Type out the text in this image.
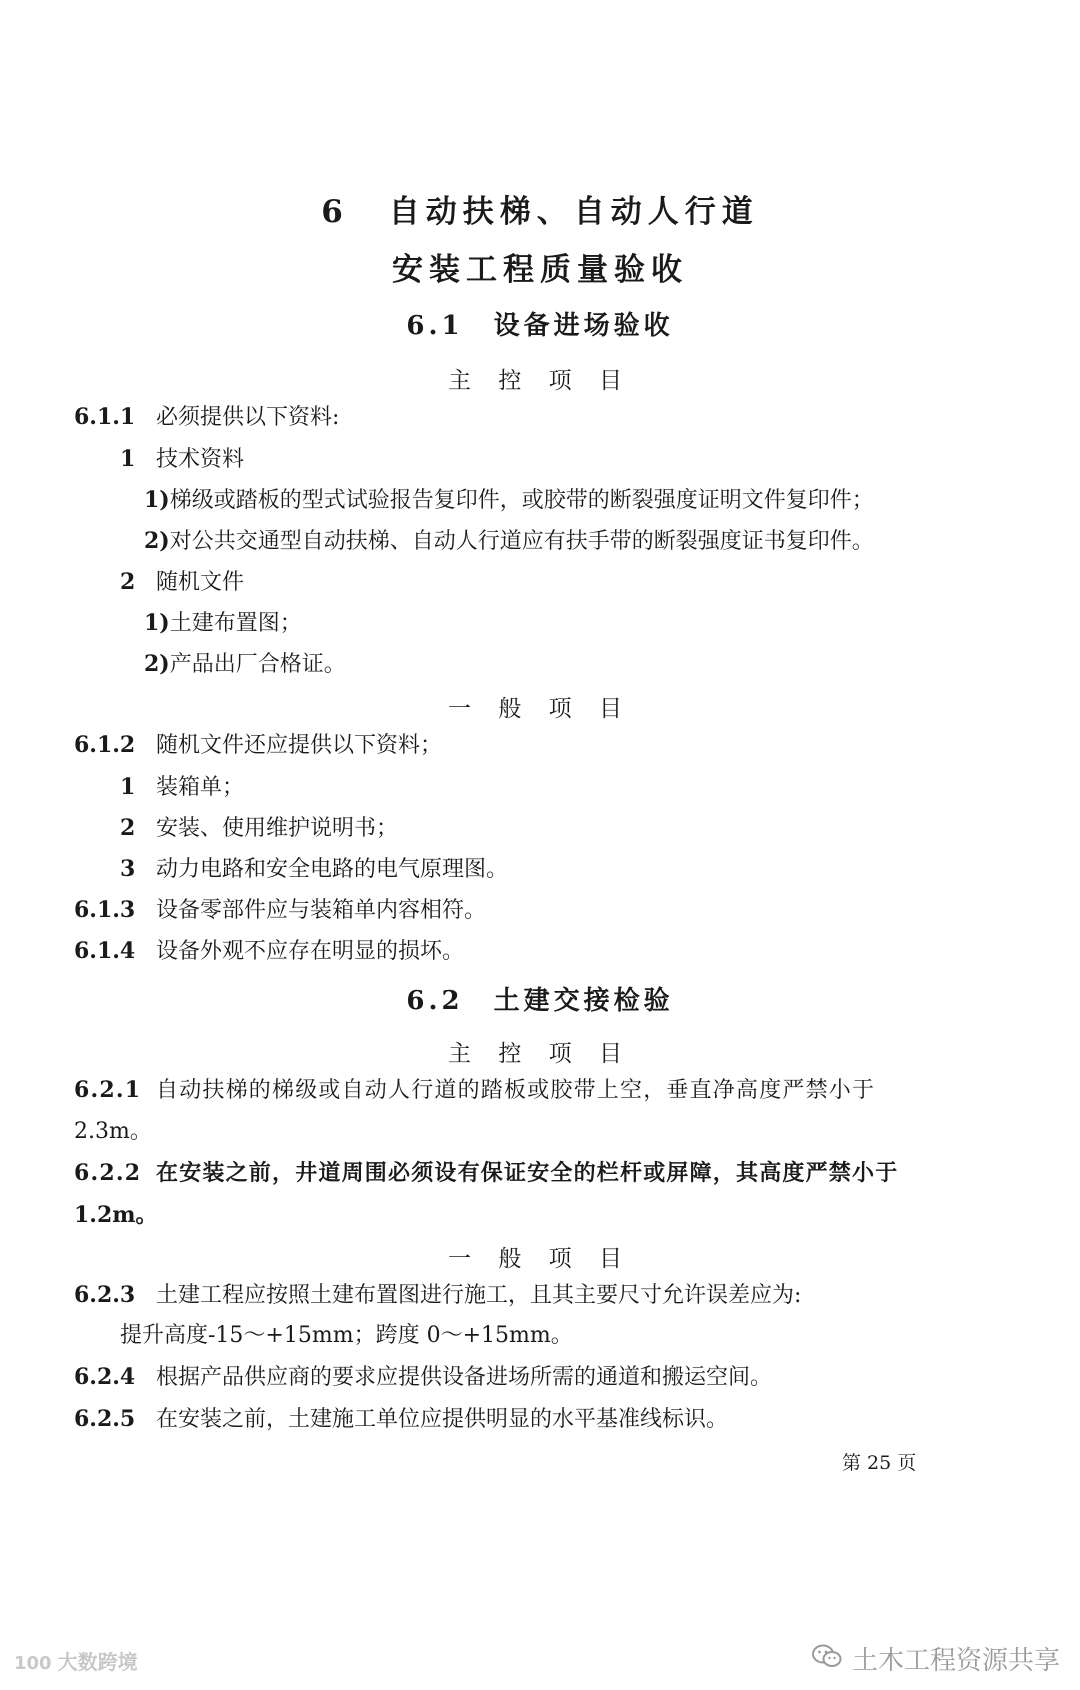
6 自动扶梯、自动人行道
安装工程质量验收
6.1 设备进场验收
主 控 项 目
6.1.1 必须提供以下资料:
1 技术资料
1)梯级或踏板的型式试验报告复印件，或胶带的断裂强度证明文件复印件；
2)对公共交通型自动扶梯、自动人行道应有扶手带的断裂强度证书复印件。
2 随机文件
1)土建布置图；
2)产品出厂合格证。
一 般 项 目
6.1.2 随机文件还应提供以下资料；
1 装箱单；
2 安装、使用维护说明书；
3 动力电路和安全电路的电气原理图。
6.1.3 设备零部件应与装箱单内容相符。
6.1.4 设备外观不应存在明显的损坏。
6.2 土建交接检验
主 控 项 目
6.2.1 自动扶梯的梯级或自动人行道的踏板或胶带上空，垂直净高度严禁小于
2.3m。
6.2.2 在安装之前，井道周围必须设有保证安全的栏杆或屏障，其高度严禁小于
1.2m。
一 般 项 目
6.2.3 土建工程应按照土建布置图进行施工，且其主要尺寸允许误差应为:
提升高度-15～+15mm；跨度 0～+15mm。
6.2.4 根据产品供应商的要求应提供设备进场所需的通道和搬运空间。
6.2.5 在安装之前，土建施工单位应提供明显的水平基准线标识。
第 25 页
100 大数跨境	土木工程资源共享
